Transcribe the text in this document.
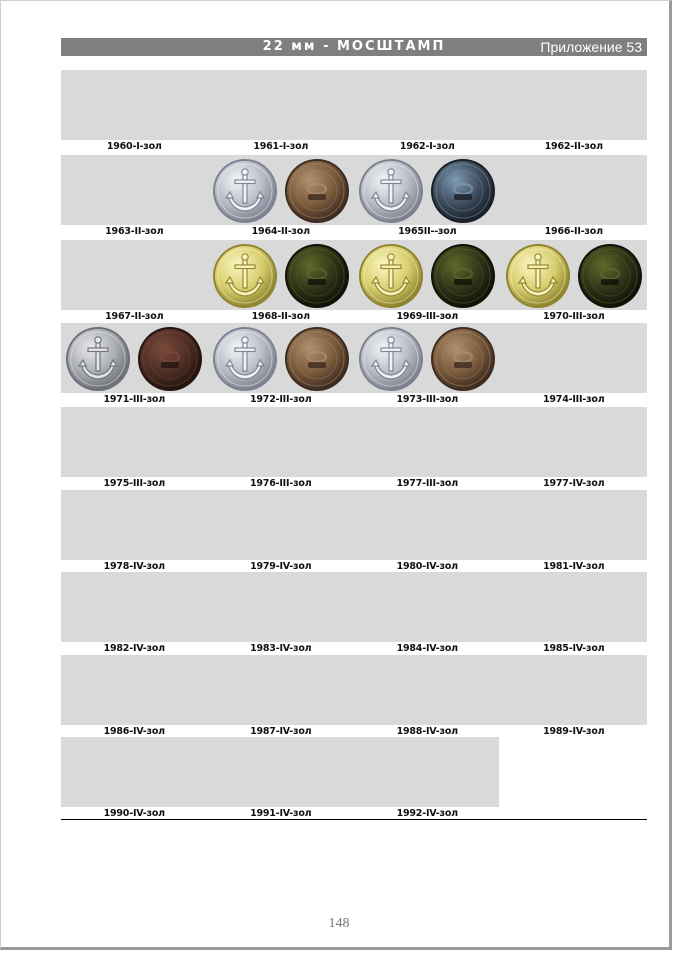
22 мм - МОСШТАМП	Приложение 53
1960-I-зол	1961-I-зол	1962-I-зол	1962-II-зол
1963-II-зол	1964-II-зол	1965II--зол	1966-II-зол
1967-II-зол	1968-II-зол	1969-III-зол	1970-III-зол
1971-III-зол	1972-III-зол	1973-III-зол	1974-III-зол
1975-III-зол	1976-III-зол	1977-III-зол	1977-IV-зол
1978-IV-зол	1979-IV-зол	1980-IV-зол	1981-IV-зол
1982-IV-зол	1983-IV-зол	1984-IV-зол	1985-IV-зол
1986-IV-зол	1987-IV-зол	1988-IV-зол	1989-IV-зол
1990-IV-зол	1991-IV-зол	1992-IV-зол
148
